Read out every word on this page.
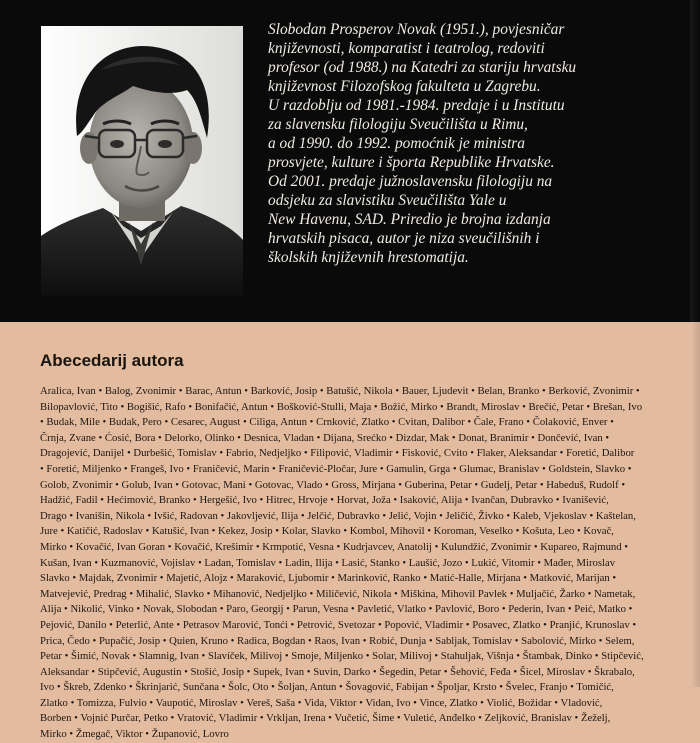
Slobodan Prosperov Novak (1951.), povjesničar
književnosti, komparatist i teatrolog, redoviti
profesor (od 1988.) na Katedri za stariju hrvatsku
književnost Filozofskog fakulteta u Zagrebu.
U razdoblju od 1981.-1984. predaje i u Institutu
za slavensku filologiju Sveučilišta u Rimu,
a od 1990. do 1992. pomoćnik je ministra
prosvjete, kulture i športa Republike Hrvatske.
Od 2001. predaje južnoslavensku filologiju na
odsjeku za slavistiku Sveučilišta Yale u
New Havenu, SAD. Priredio je brojna izdanja
hrvatskih pisaca, autor je niza sveučilišnih i
školskih književnih hrestomatija.

Abecedarij autora

Aralica, Ivan • Balog, Zvonimir • Barac, Antun • Barković, Josip • Batušić, Nikola • Bauer, Ljudevit • Belan, Branko • Berković, Zvonimir •
Bilopavlović, Tito • Bogišić, Rafo • Bonifačić, Antun • Bošković-Stulli, Maja • Božić, Mirko • Brandt, Miroslav • Brečić, Petar • Brešan, Ivo
• Budak, Mile • Budak, Pero • Cesarec, August • Ciliga, Antun • Crnković, Zlatko • Cvitan, Dalibor • Čale, Frano • Čolaković, Enver •
Črnja, Zvane • Ćosić, Bora • Delorko, Olinko • Desnica, Vladan • Dijana, Srećko • Dizdar, Mak • Donat, Branimir • Dončević, Ivan •
Dragojević, Danijel • Durbešić, Tomislav • Fabrio, Nedjeljko • Filipović, Vladimir • Fisković, Cvito • Flaker, Aleksandar • Foretić, Dalibor
• Foretić, Miljenko • Frangeš, Ivo • Franičević, Marin • Franičević-Pločar, Jure • Gamulin, Grga • Glumac, Branislav • Goldstein, Slavko •
Golob, Zvonimir • Golub, Ivan • Gotovac, Mani • Gotovac, Vlado • Gross, Mirjana • Guberina, Petar • Gudelj, Petar • Habeduš, Rudolf •
Hadžić, Fadil • Hećimović, Branko • Hergešić, Ivo • Hitrec, Hrvoje • Horvat, Joža • Isaković, Alija • Ivančan, Dubravko • Ivanišević,
Drago • Ivanišin, Nikola • Ivšić, Radovan • Jakovljević, Ilija • Jelčić, Dubravko • Jelić, Vojin • Jeličić, Živko • Kaleb, Vjekoslav • Kaštelan,
Jure • Katičić, Radoslav • Katušić, Ivan • Kekez, Josip • Kolar, Slavko • Kombol, Mihovil • Koroman, Veselko • Košuta, Leo • Kovač,
Mirko • Kovačić, Ivan Goran • Kovačić, Krešimir • Krmpotić, Vesna • Kudrjavcev, Anatolij • Kulundžić, Zvonimir • Kupareo, Rajmund •
Kušan, Ivan • Kuzmanović, Vojislav • Ladan, Tomislav • Ladin, Ilija • Lasić, Stanko • Laušić, Jozo • Lukić, Vitomir • Mađer, Miroslav
Slavko • Majdak, Zvonimir • Majetić, Alojz • Maraković, Ljubomir • Marinković, Ranko • Matić-Halle, Mirjana • Matković, Marijan •
Matvejević, Predrag • Mihalić, Slavko • Mihanović, Nedjeljko • Miličević, Nikola • Miškina, Mihovil Pavlek • Muljačić, Žarko • Nametak,
Alija • Nikolić, Vinko • Novak, Slobodan • Paro, Georgij • Parun, Vesna • Pavletić, Vlatko • Pavlović, Boro • Pederin, Ivan • Peić, Matko •
Pejović, Danilo • Peterlić, Ante • Petrasov Marović, Tonći • Petrović, Svetozar • Popović, Vladimir • Posavec, Zlatko • Pranjić, Krunoslav •
Prica, Čedo • Pupačić, Josip • Quien, Kruno • Radica, Bogdan • Raos, Ivan • Robić, Dunja • Sabljak, Tomislav • Sabolović, Mirko • Selem,
Petar • Šimić, Novak • Slamnig, Ivan • Slavíček, Milivoj • Smoje, Miljenko • Solar, Milivoj • Stahuljak, Višnja • Štambak, Dinko • Stipčević,
Aleksandar • Stipčević, Augustin • Stošić, Josip • Supek, Ivan • Suvin, Darko • Šegedin, Petar • Šehović, Feđa • Šicel, Miroslav • Škrabalo,
Ivo • Škreb, Zdenko • Škrinjarić, Sunčana • Šolc, Oto • Šoljan, Antun • Šovagović, Fabijan • Špoljar, Krsto • Švelec, Franjo • Tomičić,
Zlatko • Tomizza, Fulvio • Vaupotić, Miroslav • Vereš, Saša • Vida, Viktor • Vidan, Ivo • Vince, Zlatko • Violić, Božidar • Vladović,
Borben • Vojnić Purčar, Petko • Vratović, Vladimir • Vrkljan, Irena • Vučetić, Šime • Vuletić, Anđelko • Zeljković, Branislav • Žeželj,
Mirko • Žmegač, Viktor • Županović, Lovro
